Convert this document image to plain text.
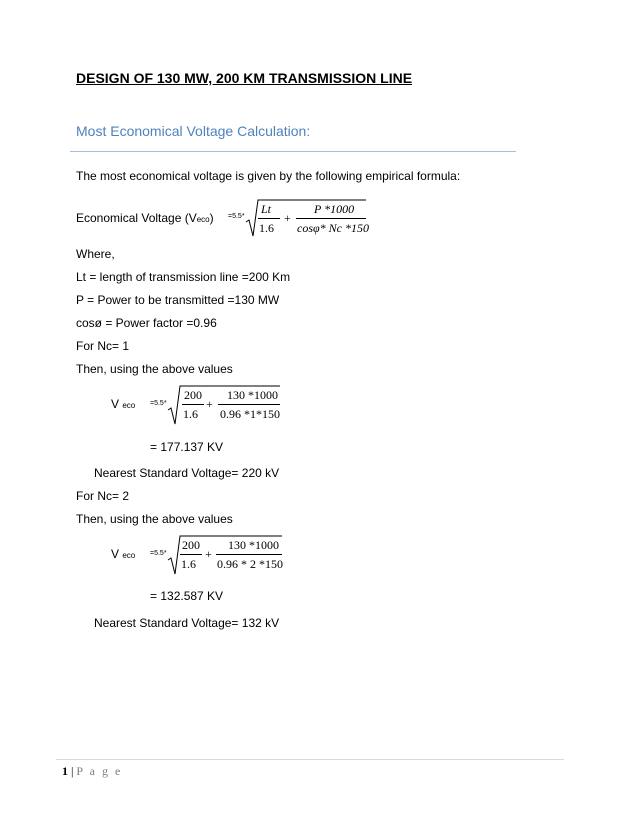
DESIGN OF 130 MW, 200 KM TRANSMISSION LINE
Most Economical Voltage Calculation:
The most economical voltage is given by the following empirical formula:
Economical Voltage (Veco) =5.5*
Lt
1.6
+
P *1000
cosφ* Nc *150
Where,
Lt = length of transmission line =200 Km
P = Power to be transmitted =130 MW
cosø = Power factor =0.96
For Nc= 1
Then, using the above values
V eco =5.5*
200
1.6
+
130 *1000
0.96 *1*150
= 177.137 KV
Nearest Standard Voltage= 220 kV
For Nc= 2
Then, using the above values
V eco =5.5*
200
1.6
+
130 *1000
0.96 * 2 *150
= 132.587 KV
Nearest Standard Voltage= 132 kV
1 | P a g e
